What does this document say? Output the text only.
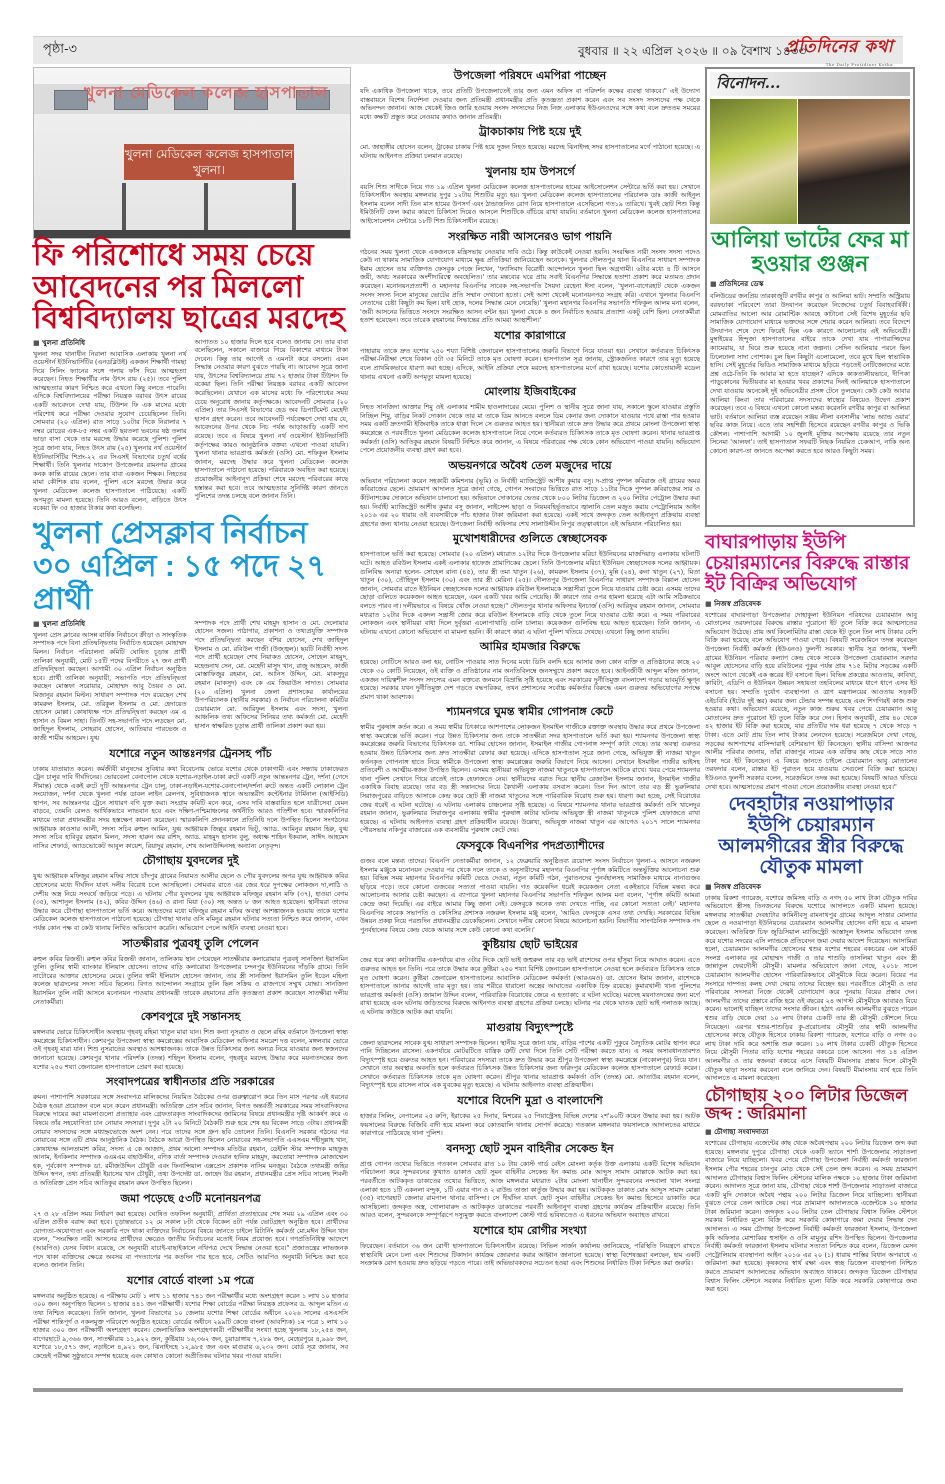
পৃষ্ঠা-৩	বুধবার ॥ ২২ এপ্রিল ২০২৬ ॥ ০৯ বৈশাখ ১৪৩৩
প্রতিদিনের কথা
The Daily Protidiner Kotha
খুলনা মেডিকেল কলেজ হাসপাতাল
খুলনা মেডিকেল কলেজ হাসপাতাল
খুলনা।
ফি পরিশোধে সময় চেয়ে আবেদনের পর মিললো বিশ্ববিদ্যালয় ছাত্রের মরদেহ
■ খুলনা প্রতিনিধি
খুলনা সদর থানাধীন নিরালা আবাসিক এলাকায় খুলনা নর্থ ওয়েস্টার্ন ইউনিভার্সিটির (এনডব্লিউই) একজন শিক্ষার্থী গামছা দিয়ে সিলিং ফ্যানের সঙ্গে গলায় ফাঁস দিয়ে আত্মহত্যা করেছেন। নিহত শিক্ষার্থীর নাম উৎস রায় (২৫)। তবে পুলিশ আত্মহত্যার কারণ নিশ্চিত করে এখনো কিছু বলতে পারেনি। এদিকে বিশ্ববিদ্যালয়ের পরীক্ষা নিয়ন্ত্রক বরাবর উৎস রায়ের একটি আবেদনে দেখা যায়, টিউশন ফি এক মাসের মধ্যে পরিশোধ করে পরীক্ষা দেওয়ার সুযোগ চেয়েছিলেন তিনি। সোমবার (২০ এপ্রিল) রাত সাড়ে ১০টার দিকে নিরালার ৭ নম্বর রোডের এক-৮৫ নম্বর একটি ছয়তলা ভবনের ষষ্ঠ তলার ভাড়া বাসা থেকে তার মরদেহ উদ্ধার করেছে পুলিশ। পুলিশ সূত্রে জানা যায়, নিহত উৎস রায় (২৫) খুলনার নর্থ ওয়েস্টার্ন ইউনিভার্সিটির শিপ্রং-২২ এর সিএসই বিভাগের চতুর্থ বর্ষের শিক্ষার্থী। তিনি খুলনার দাকোপ উপজেলার রামনগর গ্রামের কনক কান্তি রায়ের ছেলে। তার বাবা একজন শিক্ষক। নিহতের মামা কৌশিক রায় বলেন, পুলিশ এসে মরদেহ উদ্ধার করে খুলনা মেডিকেল কলেজ হাসপাতালে পাঠিয়েছে। একটি অপমৃত্যু মামলা হয়েছে। তিনি আরও বলেন, বাড়িতে উৎস বকেয়া ফি ৩৫ হাজার টাকার কথা বলেছিল।
আপাতত ১০ হাজার দিলে হবে বলেও জানায় সে। তার বাবা বলেছিলেন, সকালে বাজারে গিয়ে বিকাশের মাধ্যমে টাকা দেবেন। কিন্তু তার আগেই ও এমনটা করে বসলো। এমন সিদ্ধান্ত নেওয়ার কারণ বুঝতে পারছি না। আবেদন সূত্রে জানা যায়, উৎসের বিশ্ববিদ্যালয়ে প্রায় ৭২ হাজার টাকা টিউশন ফি বকেয়া ছিল। তিনি পরীক্ষা নিয়ন্ত্রক বরাবর একটি আবেদন করেছিলেন। যেখানে এক মাসের মধ্যে ফি পরিশোধের সময় চেয়ে অনুরোধ জানায় কর্তৃপক্ষকে। আবেদনটি সোমবার (২০ এপ্রিল) তার সিএসই বিভাগের হেড অব ডিপার্টমেন্ট মেহেদী হাসান গ্রহণ করেন। তবে আবেদনটি পর্যবেক্ষণে দেখা যায় যে, আবেদনের উপর থেকে নিচ পর্যন্ত আড়াআড়ি একটি দাগ রয়েছে। তবে এ বিষয়ে খুলনা নর্থ ওয়েস্টার্ন ইউনিভার্সিটি কর্তৃপক্ষের কারও আনুষ্ঠানিক বক্তব্য এখনো পাওয়া যায়নি। খুলনা থানার ভারপ্রাপ্ত কর্মকর্তা (ওসি) মো. শফিকুল ইসলাম জানান, মরদেহ উদ্ধার করে খুলনা মেডিকেল কলেজ হাসপাতালে পাঠানো হয়েছে। পরিবারকে অবহিত করা হয়েছে। প্রয়োজনীয় আইনানুগ প্রক্রিয়া শেষে মরদেহ পরিবারের কাছে হস্তান্তর করা হবে। তবে আত্মহত্যার সুনির্দিষ্ট কারণ জানতে পুলিশের তদন্ত চলছে বলে জানান তিনি।
খুলনা প্রেসক্লাব নির্বাচন ৩০ এপ্রিল : ১৫ পদে ২৭ প্রার্থী
■ খুলনা প্রতিনিধি
খুলনা প্রেস ক্লাবের আসন্ন বার্ষিক নির্বাচনে ক্রীড়া ও সাংস্কৃতিক সম্পাদক পদে বিনা প্রতিদ্বন্দ্বিতায় নির্বাচিত হয়েছেন মোহাম্মদ মিলন। নির্বাচন পরিচালনা কমিটি ঘোষিত চূড়ান্ত প্রার্থী তালিকা অনুযায়ী, মোট ১৫টি পদের বিপরীতে ২৭ জন প্রার্থী প্রতিদ্বন্দ্বিতা করছেন। আগামী ৩০ এপ্রিল নির্বাচন অনুষ্ঠিত হবে। প্রার্থী তালিকা অনুযায়ী, সভাপতি পদে প্রতিদ্বন্দ্বিতা করছেন মোস্তফা সরোয়ার, মোহাম্মদ আবু তৈয়ব ও মো. মিজানুর রহমান মিল্টন। সাধারণ সম্পাদক পদে রয়েছেন শেখ কামরুল ইসলাম, মো. তরিকুল ইসলাম ও মো. হেদায়েত হোসেন মোল্লা। কোষাধ্যক্ষ পদে প্রতিদ্বন্দ্বিতা করছেন এম এ হাসান ও বিমল সাহা। তিনটি সহ-সভাপতি পদে লড়ছেন মো. জাহিদুল ইসলাম, সোহরাব হোসেন, আতিয়ার পারভেজ ও কাজী শামীম আহমেদ। যুগ্ম
সম্পাদক পদে প্রার্থী শেখ মাহমুদ হাসান ও মো. দেলোয়ার হোসেন সজল। পাঠাগার, প্রকাশনা ও তথ্যপ্রযুক্তি সম্পাদক পদে প্রতিদ্বন্দ্বিতা করছেন বশির হোসেন, শেখ জাহিদুল ইসলাম ও মো. রবিউল গাজী (উজ্জ্বল)। ছয়টি নির্বাহী সদস্য পদে প্রার্থী হয়েছেন শেখ নিয়াকত হোসেন, সোহেল মাহমুদ, মহেন্দ্রনাথ সেন, মো. মেহেদী মাসুদ খান, রাজু আহমেদ, কাজী মোস্তাফিজুর রহমান, মো. আনিস উদ্দিন, মো. মাকসুদুর রহমান (মাকসুদ) এবং কে এম জিয়াউস সাদাত। সোমবার (২০ এপ্রিল) খুলনা জেলা প্রশাসকের কার্যালয়ের উপপরিচালক (স্থানীয় সরকার) ও নির্বাচন পরিচালনা কমিটির চেয়ারম্যান মো. আরিফুল ইসলাম এবং সদস্য, খুলনা আঞ্চলিক তথ্য অফিসের সিনিয়র তথ্য কর্মকর্তা মো. মেহেদী হাসান স্বাক্ষরিত চূড়ান্ত প্রার্থী তালিকা প্রকাশ করা হয়।
যশোরে নতুন আন্তঃনগর ট্রেনসহ পাঁচ
ঢাকায় যাতায়াত করেন। কর্মজীবী মানুষদের সুবিধার কথা বিবেচনায় ভোরে যশোর থেকে ঢাকাগামী এবং সন্ধ্যায় ঢাকাফেরত ট্রেন চালুর দাবি দীর্ঘদিনের। ভোরবেলা বেনাপোল থেকে যশোর-নড়াইল-ঢাকা রুটে একটি নতুন আন্তঃনগর ট্রেন, দর্শনা (গেদে সীমান্ত) থেকে একই রুটে দুটি আন্তঃনগর ট্রেন চালু, ঢাকা-নড়াইল-যশোর-বেনাপোল/দর্শনা রুটে অন্তত একটি লোকাল ট্রেন সংযোজন, দর্শনা থেকে খুলনা পর্যন্ত ডাবল লাইন রেলপথ, সুবিধাজনক স্থানে অভ্যন্তরীণ কন্টেইনার টার্মিনাল (আইসিডি) স্থাপন, সব আন্তঃনগর ট্রেনে সাধারণ বগি যুক্ত করা। সংগ্রাম কমিটি মনে করে, এসব দাবি বাস্তবায়িত হলে যাত্রীসেবা যেমন বাড়বে, তেমনি রেলও আর্থিকভাবে লাভবান হবে এবং দক্ষিণ-পশ্চিমাঞ্চলের অর্থনীতি আরও গতিশীল হবে। স্মারকলিপির মাধ্যমে তারা প্রধানমন্ত্রীর সদয় হস্তক্ষেপ কামনা করেছেন। স্মারকলিপি প্রদানকালে প্রতিনিধি দলে উপস্থিত ছিলেন সংগঠনের আহ্বায়ক কাওসার আলী, সদস্য সচিব রুহুল আমিন, যুগ্ম আহ্বায়ক জিল্লুর রহমান ভিটু, অ্যাড. আমিনুর রহমান হিরু, যুগ্ম সদস্য সচিব হাবিবুর রহমান মিলন, সদস্য হারুন অর রশিদ, অ্যাড. মাহমুদ হাসান বুলু, অধ্যক্ষ শাহিন ইকবাল, সাঈদ আহমেদ নাসির শেফার্ড, অ্যাডভোকেট আবুল কায়েশ, রিয়াদুর রহমান, শেখ আলাউদ্দিনসহ অন্যান্য নেতৃবৃন্দ।
চৌগাছায় যুবদলের দুই
যুগ্ম আহ্বায়ক মফিজুর রহমান মফির সাথে চাঁদপুর গ্রামের নিয়ামত আলীর ছেলে ও পৌর যুবদলের অপর যুগ্ম আহ্বায়ক কবির হোসেনের মধ্যে দীর্ঘদিন যাবৎ দলীয় বিরোধ চলে আসছিলো। সোমবার রাতে এর জের ধরে দুপক্ষের লোকজন দা,লাঠি ও দেশীয় অস্ত্র নিয়ে সংঘর্ষে জড়িয়ে পড়ে। এ ঘটনায় পৌর যুবদলের যুগ্ম আহ্বায়ক মফিজুর রহমান মফি (৩৭), হাওয়া বেগম (৩৫), আশানুল ইসলাম (৪২), কবির উদ্দিন (৪৬) ও রানা মিয়া (৩০) সহ অন্তত ৮ জন আহত হয়েছেন। স্থানীয়রা তাদের উদ্ধার করে চৌগাছা হাসপাতালে ভর্তি করে। আহতদের মধ্যে মফিজুর রহমান মফির অবস্থা আশঙ্কাজনক হওয়ায় তাকে যশোর মেডিকেল কলেজ হাসপাতালে পাঠানো হয়েছে। চৌগাছা থানার ওসি মমিনুর রহমান ঘটনার সত্যতা নিশ্চিত করে জানান, এখন পর্যন্ত কোন পক্ষ বা কেউ থানায় লিখিত অভিযোগ করেনি। অভিযোগ পেলে আইনি ব্যবস্থা নেওয়া হবে।
সাতক্ষীরার পুত্রবধূ তুলি পেলেন
রুহুল কবির রিজভী। রুহুল কবির রিজভী জানান, তালিকায় স্থান পেয়েছেন সাতক্ষীরার কলারোয়ার পুত্রবধূ সানজিদা ইয়াসমিন তুলি। তুলির স্বামী ব্যাংকার ইলিয়াস হোসেন। তাদের বাড়ি কলারোয়া উপজেলার চন্দনপুর ইউনিয়নের দাঁড়কি গ্রামে। তিনি নাটোরের আক্তার হোসেনের মেয়ে। তুলির স্বামী ইলিয়াস হোসেন জানান, তার স্ত্রী সানজিদা ইয়াসমিন তুলি ইডেন মহিলা কলেজ ছাত্রদলের সদস্য সচিব ছিলেন। বিগত আন্দোলন সংগ্রামে তুলি ছিল সক্রিয় ও রাজপথে সম্মুখ যোদ্ধা। সানজিদা ইয়াসমিন তুলি নারী আসনে মনোনয়ন পাওয়ায় প্রধানমন্ত্রী তারেক রহমানের প্রতি কৃতজ্ঞতা প্রকাশ করেছেন সাতক্ষীরা দলীয় নেতাকর্মীরা।
কেশবপুরে দুই সন্তানসহ
মঙ্গলবার ভোরে চিকিৎসাধীন অবস্থায় গৃহবধূ রহিমা খাতুন মারা যান। শিশু কন্যা নুসরাত ও ছেলে রহিম বর্তমানে উপজেলা স্বাস্থ্য কমপ্লেক্সে চিকিৎসাধীন। কেশবপুর উপজেলা স্বাস্থ্য কমপ্লেক্সের আবাসিক মেডিকেল অফিসার সমরেশ দত্ত বলেন, মঙ্গলবার ভোরে ওই গৃহবধূ মারা যান। শিশু নুসরাতের অবস্থাও আশঙ্কাজনক। তাকে উন্নত চিকিৎসার জন্য অন্যত্র নিয়ে যাওয়ার জন্য স্বজনদের জানানো হয়েছে। কেশবপুর থানার পরিদর্শক (তদন্ত) শহিদুল ইসলাম বলেন, গৃহবধূর মরদেহ উদ্ধার করে ময়নাতদন্তের জন্য যশোর ২৫০ শয্যা জেনারেল হাসপাতালে প্রেরণ করা হয়েছে।
সংবাদপত্রের স্বাধীনতার প্রতি সরকারের
রুমন। পাশাপাশি সরকারের সঙ্গে সংবাদপত্র মালিকদের নিয়মিত বৈঠকের ওপর গুরুত্বারোপ করে তিন মাস পরপর এই ধরনের বৈঠক হওয়া প্রয়োজন বলে মনে করেন প্রধানমন্ত্রী। অতিরিক্ত প্রেস সচিব জানান, বিগত অন্তর্বর্তী সরকারের সময় সাংবাদিকদের বিরুদ্ধে দায়ের করা মামলাগুলো প্রত্যাহার এবং গ্রেফতারকৃত সাংবাদিকদের জামিনের বিষয়ে প্রধানমন্ত্রীর দৃষ্টি আকর্ষণ করে এ বিষয়ে তাঁর সহযোগিতা চান নোয়াব সদস্যরা। দুপুর ২টা ২০ মিনিটে বৈঠকটি শুরু হয়ে শেষ হয় বিকেল সাড়ে ৩টায়। প্রধানমন্ত্রী নোয়াব সদস্যদের সঙ্গে মধ্যাহ্নভোজে অংশ নেন। পরে তাদের সঙ্গে গ্রুপ ছবি তোলেন তিনি। বিএনপি সরকার গঠনের পর নোয়াবের সঙ্গে এটি প্রথম আনুষ্ঠানিক বৈঠক। বৈঠকে আরো উপস্থিত ছিলেন নোয়াবের সহ-সভাপতি এএসএম শহীদুল্লাহ খান, কোষাধ্যক্ষ আলতামাশ কবির, সদস্য এ কে আজাদ, প্রথম আলো সম্পাদক মতিউর রহমান, ডেইলি স্টার সম্পাদক মাহফুজ আনাম, ইনকিলাব সম্পাদক এএমএম বাহাউদ্দীন, বণিক বার্তা সম্পাদক দেওয়ান হানিফ মাহমুদ, করতোয়া সম্পাদক মোজাম্মেল হক, পূর্বকোণ সম্পাদক ডা. রমীজউদ্দিন চৌধুরী এবং ফিনান্সিয়াল এক্সপ্রেস প্রকাশক নাসিম মনজুর। বৈঠকে তথ্যমন্ত্রী জহির উদ্দিন স্বপন, তথ্য প্রতিমন্ত্রী ইয়াসের খান চৌধুরী, তথ্য উপদেষ্টা ডা. জাহেদ উর রহমান, প্রধানমন্ত্রীর প্রেস সচিব সালেহ শিবলী ও অতিরিক্ত প্রেস সচিব আতিকুর রহমান রুমন উপস্থিত ছিলেন।
জমা পড়েছে ৫৩টি মনোনয়নপত্র
২৭ ও ২৮ এপ্রিল সময় নির্ধারণ করা হয়েছে। ঘোষিত তফসিল অনুযায়ী, প্রার্থিতা প্রত্যাহারের শেষ সময় ২৯ এপ্রিল এবং ৩০ এপ্রিল প্রতীক বরাদ্দ করা হবে। চূড়ান্তভাবে ১২ মে সকাল ৮টা থেকে বিকেল ৪টা পর্যন্ত ভোটগ্রহণ অনুষ্ঠিত হবে। প্রার্থীদের যোগ্যতা-অযোগ্যতা এবং সরকারি পদে থাকা ব্যক্তিদের নির্বাচনের বিষয়ে জানতে চাইলে রিটার্নিং কর্মকর্তা মো.মঈন উদ্দিন খান বলেন, "সংরক্ষিত নারী আসনের প্রার্থীদের ক্ষেত্রেও জাতীয় নির্বাচনের মতোই নিয়ম প্রযোজ্য হবে। গণপ্রতিনিধিত্ব আদেশে (আরপিও) যেসব বিধান রয়েছে, সে অনুযায়ী যাচাই-বাছাইকালে নথিপত্র দেখে সিদ্ধান্ত নেওয়া হবে।" প্রজাতন্ত্রের লাভজনক পদে থাকা ব্যক্তিদের ক্ষেত্রে অবসর বা পদত্যাগের পর কতদিন পার হতে হবে, সেটিও আরপিও অনুযায়ী নিশ্চিত করা হবে বলেও জানান তিনি।
যশোর বোর্ডে বাংলা ১ম পত্রে
মঙ্গলবার অনুষ্ঠিত হয়েছে। এ পরীক্ষায় মোট ১ লাখ ১১ হাজার ৭৪১ জন পরীক্ষার্থীর মধ্যে অংশগ্রহণ করেন ১ লাখ ১০ হাজার ৩০০ জন। অনুপস্থিত ছিলেন ১ হাজার ৪৪১ জন পরীক্ষার্থী। যশোর শিক্ষা বোর্ডের পরীক্ষা নিয়ন্ত্রক প্রফেসর ড. আব্দুল মতিন এ তথ্য নিশ্চিত করেছেন। তিনি জানান, খুলনা বিভাগের ১০ জেলায় যশোর শিক্ষা বোর্ডের অধীনে ২০২৬ সালের এসএসসি পরীক্ষা শান্তিপূর্ণ ও নকলমুক্ত পরিবেশে অনুষ্ঠিত হয়েছে। বোর্ডের অধীনে ২৯৯টি কেন্দ্রে বাংলা (আবশ্যিক) ১ম পত্রে ১ লাখ ১০ হাজার ৩০০ জন পরীক্ষার্থী অংশগ্রহণ করেন। জেলাভিত্তিক অংশগ্রহণকারী পরীক্ষার্থীর সংখ্যা হচ্ছে খুলনায় ১৮,২৫৪ জন, বাগেরহাটে ৯,৩৬৬ জন, সাতক্ষীরায় ১১,৯২২ জন, কুষ্টিয়ায় ১৬,৩৬২ জন, চুয়াডাঙ্গায় ৭,২৮৯ জন, মেহেরপুরে ৪,৯৯৮ জন, যশোরে ১৮,৫৭১ জন, নড়াইলে ৪,৯২১ জন, ঝিনাইদহে ১২,৯৮৫ জন এবং মাগুরায় ৬,২৩২ জন। বোর্ড সূত্র জানায়, সব কেন্দ্রেই পরীক্ষা সুষ্ঠুভাবে সম্পন্ন হয়েছে এবং কোথাও কোনো অপ্রীতিকর ঘটনার খবর পাওয়া যায়নি।
উপজেলা পরিষদে এমপিরা পাচ্ছেন
যদি একাধিক উপজেলা থাকে, তবে প্রতিটি উপজেলাতেই তার জন্য এমন অফিস বা পরিদর্শন কক্ষের ব্যবস্থা থাকবে।" এই উদ্যোগ বাস্তবায়নে বিশেষ নির্দেশনা দেওয়ার জন্য প্রতিমন্ত্রী প্রধানমন্ত্রীর প্রতি কৃতজ্ঞতা প্রকাশ করেন এবং সব সংসদ সদস্যদের পক্ষ থেকে অভিনন্দন জানান। আজ থেকেই জিও জারি হওয়ায় সংসদ সদস্যদের নিজ নিজ এলাকার ইউএনওদের সঙ্গে কথা বলে দ্রুততম সময়ের মধ্যে কক্ষটি প্রস্তুত করে নেওয়ার কথাও জানান প্রতিমন্ত্রী।
ট্রাকচাকায় পিষ্ট হয়ে দুই
মো. জাহাঙ্গীর হোসেন বলেন, ট্রাকের চাকায় পিষ্ট হয়ে দুজন নিহত হয়েছে। মরদেহ ঝিনাইদহ সদর হাসপাতালের মর্গে পাঠানো হয়েছে। এ ঘটনায় আইনগত প্রক্রিয়া চলমান রয়েছে।
খুলনায় হাম উপসর্গে
বয়সি শিশু সাদীকে নিয়ে গত ১৯ এপ্রিল খুলনা মেডিকেল কলেজ হাসপাতালের হামের আইসোলেশন সেন্টারে ভর্তি করা হয়। সেখানে চিকিৎসাধীন অবস্থায় মঙ্গলবার দুপুর ১২টায় শিশুটির মৃত্যু হয়। খুলনা মেডিকেল কলেজ হাসপাতালের পরিচালক ডাঃ কাজী আইনুল ইসলাম বলেন সাদী তিন মাস হামের উপসর্গ এবং ঠান্ডাজনিত রোগ নিয়ে হাসপাতালে এসেছিলো গত১৯ তারিখে। খুবই ছোট শিশু কিন্তু ইমিউনিটি ফেল করার কারণে চিকিৎসা দিয়েও আসলে শিশুটিকে বাঁচিয়ে রাখা যায়নি। বর্তমানে খুলনা মেডিকেল কলেজ হাসপাতালের আইসোলেশন সেন্টারে ১৮টি শিশু চিকিৎসাধীন রয়েছে।
সংরক্ষিত নারী আসনেরও ভাগ পায়নি
গঠনের সময় খুলনা থেকে একজনকে মন্ত্রিসভায় নেওয়ার দাবি ওঠে। কিন্তু কাউকেই নেওয়া হয়নি। সংরক্ষিত নারী সংসদ সদস্য পদেও কেউ না থাকায় সামাজিক যোগাযোগ মাধ্যমে ক্ষুব্ধ প্রতিক্রিয়া জানিয়েছেন অনেকে। খুলনার দৌলতপুর থানা বিএনপির সাধারণ সম্পাদক ইমাম হোসেন তার ব্যক্তিগত ফেসবুক পেজে লিখেন, 'ফ্যাসিবাদ বিরোধী আন্দোলনে খুলনা ছিল অগ্রগামী। ৬টার মধ্যে ৪ টি আসনে জয়ী, অথচ সরকারের অংশীদারিত্বে অবহেলিত।' তার মন্তব্যের ঘরে প্রায় সবাই বিএনপির সিদ্ধান্তে হতাশা প্রকাশ করে মতামত প্রদান করেছেন। মনোনয়নপ্রত্যাশী ও মহানগর বিএনপির সাবেক সহ-সভাপতি সৈয়দা রেহেনা ঈসা বলেন, 'খুলনা-বাগেরহাট থেকে একজন সংসদ সদস্য নিলে মানুষের ভোটের প্রতি সম্মান দেখানো হতো। সেই আশা থেকেই মনোনয়নপত্র সংগ্রহ করি। এখানে খুলনার বিএনপি নেতাদের চেষ্টা কিছুটা কম ছিল। যাই হোক, দলের সিদ্ধান্ত মেনে নেয়েছি।' খুলনা মহানগর বিএনপির সভাপতি শফিকুল আলম মনা বলেন, 'জয়ী আসনের ভিত্তিতে সংসদে সংরক্ষিত আসন বন্টন হয়। খুলনা থেকে ৪ জন নির্বাচিত হওয়ায় প্রত্যাশা একটু বেশি ছিল। নেতাকর্মীরা হতাশ হয়েছেন। তবে তারেক রহমানের সিদ্ধান্তের প্রতি আমরা আস্থাশীল।'
যশোর কারাগারে
পাহারায় তাকে দ্রুত যশোর ২৫০ শয্যা বিশিষ্ট জেনারেল হাসপাতালের জরুরি বিভাগে নিয়ে যাওয়া হয়। সেখানে কর্তব্যরত চিকিৎসক পরীক্ষা-নিরীক্ষা শেষে বিকাল ৫টা ৩৫ মিনিটে তাকে মৃত ঘোষণা করেন। হাসপাতাল সূত্র জানায়, স্ট্রোকজনিত কারণে তার মৃত্যু হয়েছে বলে প্রাথমিকভাবে ধারণা করা হচ্ছে। এদিকে, আইনি প্রক্রিয়া শেষে মরদেহ হাসপাতালের মর্গে রাখা হয়েছে। যশোর কোতোয়ালী মডেল থানায় এখনো একটি অপমৃত্যু মামলা হয়েছে।
মোংলায় ইজিবাইকের
নিহত সানজিদা আক্তার শিমু ওই এলাকার শামীম হাওলাদারের মেয়ে। পুলিশ ও স্থানীয় সূত্রে জানা যায়, সকালে স্কুলে যাওয়ার প্রস্তুতি নিচ্ছিল শিমু, বাড়ির নিকট দোকান থেকে তার মা তাকে ডিম আনতে বললে ডিম কেনার জন্য দোকানে যাওয়ার পথে রাস্তা পার হওয়ার সময় একটি দ্রুতগামী ইজিবাইক তাকে ধাক্কা দিলে সে গুরুতর আহত হয়। স্থানীয়রা তাকে দ্রুত উদ্ধার করে প্রথমে মোংলা উপজেলা স্বাস্থ্য কমপ্লেক্সে ও পরবর্তীতে খুলনা মেডিকেল কলেজ হাসপাতালে নিয়ে গেলে কর্তব্যরত চিকিৎসক তাকে মৃত ঘোষণা করেন। থানার ভারপ্রাপ্ত কর্মকর্তা (ওসি) আতিকুর রহমান বিষয়টি নিশ্চিত করে জানান, এ বিষয়ে পরিবারের পক্ষ থেকে কোন অভিযোগ পাওয়া যায়নি। অভিযোগ পেলে প্রয়োজনীয় ব্যবস্থা গ্রহণ করা হবে।
অভয়নগরে অবৈধ তেল মজুদের দায়ে
অভিযান পরিচালনা করেন সহকারী কমিশনার (ভূমি) ও নির্বাহী ম্যাজিস্ট্রেট আশীষ কুমার বসু। দ-প্রাপ্ত পুষ্পল কবিরাজ ওই গ্রামের অমর কবিরাজের ছেলে। ভ্রাম্যমাণ আদালত সূত্রে জানা গেছে, গোপন সংবাদের ভিত্তিতে রাত সাড়ে ১১টার দিকে পুষ্পল কবিরাজের সার ও কীটনাশকের দোকানে অভিযান চালানো হয়। অভিযানে দোকানের ভেতর থেকে ৮০০ লিটার ডিজেল ও ২০০ লিটার পেট্রোল উদ্ধার করা হয়। নির্বাহী ম্যাজিস্ট্রেট আশীষ কুমার বসু জানান, লাইসেন্স ছাড়া ও নিয়মবহির্ভূতভাবে জ্বালানি তেল মজুত করায় পেট্রোলিয়াম আইন ২০১৬ এর ২০ ধারায় ওই ব্যবসায়ীকে পাঁচ হাজার টাকা জরিমানা করা হয়েছে। একই সাথে জব্দকৃত তেল আইনানুগ প্রক্রিয়ায় ব্যবস্থা গ্রহণের জন্য থানায় নেওয়া হয়েছে। উপজেলা নির্বাহী অফিসার শেখ সালাউদ্দীন নিপুর তত্ত্বাবধানে এই অভিযান পরিচালিত হয়।
মুখোশধারীদের গুলিতে স্বেচ্ছাসেবক
হাসপাতালে ভর্তি করা হয়েছে। সোমবার (২০ এপ্রিল) মধ্যরাত ১২টার দিকে উপজেলার মরিচা ইউনিয়নের মাজদিয়াড় এলাকায় ঘটনাটি ঘটে। আহত রবিউল ইসলাম একই এলাকার হাফেজ প্রামাণিকের ছেলে। তিনি উপজেলার মরিচা ইউনিয়ন স্বেচ্ছাসেবক দলের আহ্বায়ক। গুলিবিদ্ধ অন্যরা হলেন- সোহেল রানা (৪৫), তার স্ত্রী তমা খাতুন (২৬), কামরুল ইসলাম (৩৭), মুন্নি (২৪), রুনা খাতুন (২৭), মিতা খাতুন (৩০), তৌহিদুল ইসলাম (৩০) এবং তার স্ত্রী মেরিনা (২৫)। দৌলতপুর উপজেলা বিএনপির সাধারণ সম্পাদক বিল্লাল হোসেন জানান, সোমবার রাতে ইউনিয়ন স্বেচ্ছাসেবক দলের আহ্বায়ক রবিউল ইসলামকে সন্ত্রাসীরা তুলে নিয়ে যাওয়ার চেষ্টা করে। এসময় তাদের ছোড়া গুলিতে কয়েকজন আহত হয়েছেন, এমন একটি খবর আমি পেয়েছি। কী কারণে তার ওপর হামলা হয়েছে এটা আমি সঠিকভাবে বলতে পারব না। দলীয়ভাবে এ বিষয়ে খোঁজ নেওয়া হচ্ছে।" দৌলতপুর থানার অফিসার ইনচার্জ (ওসি) আরিফুর রহমান জানান, সোমবার মধ্যরাত ১২টার দিকে একদল সন্ত্রাসী জোর করে রবিউল ইসলামকে বাড়ি থেকে তুলে নিয়ে যাওয়ার চেষ্টা করে। এ সময় পরিবারের লোকজন এবং স্থানীয়রা বাধা দিলে দুর্বৃত্তরা এলোপাথাড়ি গুলি চালায়। কয়েকজন গুলিবিদ্ধ হয়ে আহত হয়েছেন। তিনি জানান, এ ঘটনায় এখনো কোনো অভিযোগ বা মামলা হয়নি। কী কারণে কারা এ ঘটনা পুলিশ খতিয়ে দেখছে। এখনো কিছু জানা যায়নি।
আমির হামজার বিরুদ্ধে
হয়েছে। নোটিসে আরও বলা হয়, নোটিস পাওয়ার সাত দিনের মধ্যে ডিসি বলদি হয়ে আসার জন্য কোন ব্যক্তি ও প্রতিষ্ঠানের কাছে ২০ থেকে ৩০ কোটি নিয়েছেন, ওই ব্যক্তি ও প্রতিষ্ঠানের নাম অনতিবিলম্বে জনসম্মুখে প্রকাশ করতে হবে। আইনজীবী আব্দুল মজিদ জানান, একজন দায়িত্বশীল সংসদ সদস্যের এমন বক্তব্যে জনমনে বিভ্রান্তি সৃষ্টি হয়েছে এবং সরকারের দুর্নীতিমুক্ত বাংলাদেশ গড়ার ভাবমূর্তি ক্ষুণ্ন হয়েছে। সরকার যখন দুর্নীতিমুক্ত দেশ গড়তে বদ্ধপরিকর, তখন প্রশাসনের সর্বোচ্চ কর্মকর্তার বিরুদ্ধে এমন গুরুতর অভিযোগের সপক্ষে প্রমাণ থাকা আবশ্যক।
শ্যামনগরে ঘুমন্ত স্বামীর গোপনাঙ্গ কেটে
স্বামীর পুরুষাঙ্গ কর্তন করে। এ সময় স্বামীর চিৎকারে আশপাশের লোকজন ইসমাইল গাজীকে রক্তাক্ত অবস্থায় উদ্ধার করে প্রথমে উপজেলা স্বাস্থ্য কমপ্লেক্সে ভর্তি করেন। পরে উন্নত চিকিৎসার জন্য তাকে সাতক্ষীরা সদর হাসপাতালে ভর্তি করা হয়। শ্যামনগর উপজেলা স্বাস্থ্য কমপ্লেক্সের জরুরি বিভাগের চিকিৎসক ডা. শাকির হোসেন জানান, ইসমাইল গাজীর গোপনাঙ্গ সম্পূর্ণ কাটা গেছে। তার অবস্থা গুরুতর হওয়ায় উন্নত চিকিৎসার জন্য দ্রুত সাতক্ষীরা রেফার করা হয়েছে। এদিকে হাসপাতাল সূত্রে জানা গেছে, অভিযুক্ত স্ত্রী নাজমা খাতুন কর্তনকৃত গোপনাঙ্গ হাতে নিয়ে স্বামীকে উপজেলা স্বাস্থ্য কমপ্লেক্সের জরুরি বিভাগে নিয়ে আসেন। সেখানে ইসমাইল গাজীর ভাইসহ প্রতিবেশী ও আত্মীয়-স্বজন উপস্থিত ছিলেন। এসময় স্থানীয়রা অভিযুক্ত নাজমা খাতুনকে হাসপাতালে আটকে রাখে। খবর পেয়ে শ্যামনগর থানা পুলিশ সেখানে গিয়ে রাতেই তাকে হেফাজতে নেয়। স্থানীয়দের বরাত দিয়ে স্থানীয় রেজাউল ইসলাম জানান, ইসমাইল গাজীর একাধিক বিবাহ রয়েছে। তার বড় স্ত্রী সন্তানদের নিয়ে কৈখালী এলাকায় বসবাস করেন। তিন দিন আগে তার বড় স্ত্রী ভুরুলিয়ার সিরাজপুরের বাড়িতে আসাকে কেন্দ্র করে ছোট স্ত্রী নাজমা খাতুনের সঙ্গে পারিবারিক বিরোধ শুরু হয়। ধারণা করা হচ্ছে, সেই বিরোধের জের ধরেই এ ঘটনা ঘটেছে। এ ঘটনায় এলাকায় চাঞ্চল্যের সৃষ্টি হয়েছে। এ বিষয়ে শ্যামনগর থানার ভারপ্রাপ্ত কর্মকর্তা ওসি খালেদুর রহমান জানান, ভুরুলিয়ার সিরাজপুর এলাকায় স্বামীর পুরুষাঙ্গ কাটার ঘটনায় অভিযুক্ত স্ত্রী নাজমা খাতুনকে পুলিশ হেফাজতে রাখা হয়েছে। এ ঘটনায় আইনগত ব্যবস্থা গ্রহণ প্রক্রিয়াধীন রয়েছে। উল্লেখ্য, অভিযুক্ত নাজমা খাতুন এর আগেও ২০১৭ সালে শ্যামনগর পৌরসভার নকিপুর বাজারের এক ব্যবসায়ীর পুরুষাঙ্গ কেটে দেয়।
ফেসবুকে বিএনপির পদপ্রত্যাশীদের
গুজব বলে মন্তব্য তাদের। বিএনপি নেতাকর্মীরা জানান, ১২ ফেব্রুয়ারি অনুষ্ঠিতব্য ত্রয়োদশ সংসদ নির্বাচনে খুলনা-২ আসনে নজরুল ইসলাম মঞ্জুকে মনোনয়ন দেওয়ার পর থেকে দলে তাকে ও অনুসারীদের মহানগর বিএনপির পূর্ণাঙ্গ কমিটিতে অন্তর্ভুক্তির আলোচনা শুরু হয়। বিভিন্ন সময় মহানগর বিএনপির কমিটি ভেঙে দেওয়া, নতুন কমিটি গঠন, পুরাতনদের পুনর্বহালসহ সামাজিক মাধ্যমে নানাগুজব ছড়িয়ে পড়ে। তবে কোনো গুজবের সত্যতা পাওয়া যায়নি। গত কয়েকদিন ধরেই কয়েকজন নেতা একইভাবে বিভিন্ন মন্তব্য করে আলোচনায় আসার চেষ্টা করছেন। এ ব্যাপারে খুলনা মহানগর বিএনপির সভাপতি শফিকুল আলম মনা বলেন, 'পূর্ণাঙ্গ কমিটি আমরা কেন্দ্রে জমা দিয়েছি। এর বাইরে আমার কিছু জানা নেই। ফেসবুকে অনেক তথ্য দেখতে পাচ্ছি, এর কোনো সত্যতা নেই।' মহানগর বিএনপির সাবেক সভাপতি ও কেসিসির প্রশাসক নজরুল ইসলাম মঞ্জু বলেন, 'আমিও ফেসবুকে এসব তথ্য দেখছি। সরকারের বিভিন্ন উন্নয়ন প্রকল্প নিয়ে পরশুদিন প্রধানমন্ত্রীর ডেকেছিলেন। সেখানে দলীয় কোনো বিষয়ে আলোচনা হয়নি। বিভাগীয় সাংগঠনিক সম্পাদক পদ পুনর্বহালের বিষয়ে কেন্দ্র থেকে আমার সঙ্গে কেউ কোনো কথা বলেনি।'
কুষ্টিয়ায় ছোট ভাইয়ের
জের ধরে কথা কাটাকাটির একপর্যায়ে রাত ৩টার দিকে ছোট ভাই জহুরুল তার বড় ভাই রাশেদের ওপর হাঁসুয়া নিয়ে আঘাত করেন। এতে গুরুতর আহত হন তিনি। পরে তাকে উদ্ধার করে কুষ্টিয়া ২৫০ শয্যা বিশিষ্ট জেনারেল হাসপাতালে নেওয়া হলে কর্তব্যরত চিকিৎসক তাকে মৃত ঘোষণা করেন। কুষ্টিয়া জেনারেল হাসপাতালের আবাসিক মেডিকেল কর্মকর্তা (আরএমও) ডা. হোসেন ইমাম জানান, রাশেদকে হাসপাতালে আনার আগেই তার মৃত্যু হয়। তার শরীরে ধারালো অস্ত্রের আঘাতের একাধিক চিহ্ন রয়েছে। কুমারখালী থানা পুলিশের ভারপ্রাপ্ত কর্মকর্তা (ওসি) জামাল উদ্দিন বলেন, পারিবারিক বিরোধের জেরে এ হত্যাকা-ের ঘটনা ঘটেছে। মরদেহ ময়নাতদন্তের জন্য মর্গে রাখা হয়েছে এবং ঘটনায় জড়িতদের বিরুদ্ধে আইনগত ব্যবস্থা গ্রহণের প্রক্রিয়া চলছে। ঘটনার পর থেকে ঘাতক ছোট ভাই পলাতক আছে। এ ঘটনায় কাউকে আটক করা যায়নি।
মাগুরায় বিদ্যুৎস্পৃষ্টে
জেলা ছাত্রদলের সাবেক যুগ্ম সাধারণ সম্পাদক ছিলেন। স্থানীয় সূত্রে জানা যায়, বাড়ির পাশের একটি পুকুরে বৈদ্যুতিক মোটর স্থাপন করে পানি দিচ্ছিলেন রাসেল। একপর্যায়ে মোটরটিতে যান্ত্রিক ত্রুটি দেখা দিলে তিনি সেটি পরীক্ষা করতে যান। এ সময় অসাবধানতাবশত বিদ্যুৎস্পৃষ্ট হয়ে গুরুতর আহত হন। পরিবারের সদস্যরা তাকে দ্রুত উদ্ধার করে শ্রীপুর উপজেলা স্বাস্থ্য কমপ্লেক্সে (নাকোলপুর) নিয়ে যান। সেখানে তার অবস্থার অবনতি হলে কর্তব্যরত চিকিৎসক উন্নত চিকিৎসার জন্য ফরিদপুর মেডিকেল কলেজ হাসপাতালে রেফার্ড করেন। সেখানে কর্তব্যরত চিকিৎসক তাকে মৃত ঘোষণা করেন। শ্রীপুর থানার ভারপ্রাপ্ত কর্মকর্তা ওসি (তদন্ত) মো. আতাউর রহমান বলেন, বিদ্যুৎস্পৃষ্ট হয়ে রাসেল নামে এক যুবকের মৃত্যু হয়েছে। এ ঘটনায় আইনগত ব্যবস্থা প্রক্রিয়াধীন।
যশোরে বিদেশি মুদ্রা ও বাংলাদেশি
হাজার সিলিং, নেপালের ২৫ রুপি, ইরাকের ২৫ দিনার, মিশরের ২৫ পিয়াস্ট্রেসহ বিভিন্ন দেশের ২শ'৯০টি কয়েন উদ্ধার করা হয়। আটক ফয়সালের বিরুদ্ধে বিজিবি বাদী হয়ে মামলা করে কোতয়ালি থানায় সোপর্দ করেছে। গতকাল মঙ্গলবার ফয়সালকে আদালতের মাধ্যমে কারাগারে পাঠিয়েছে থানা পুলিশ।
বনদস্যু ছোট সুমন বাহিনীর সেকেন্ড ইন
প্রাপ্ত গোপন তথ্যের ভিত্তিতে গতকাল সোমবার রাত ১০ টায় কোস্ট গার্ড বেইস মোংলা কর্তৃক উক্ত এলাকায় একটি বিশেষ অভিযান পরিচালনা করে সুন্দরবনের কুখ্যাত ডাকাত ছোট সুমন বাহিনীর সেকেন্ড ইন কমান্ড মোঃ আব্দুস সামাদ মোল্লাকে আটক করা হয়। পরবর্তীতে আটককৃত ডাকাতের তথ্যের ভিত্তিতে, আজ মঙ্গলবার মধ্যরাত ২টায় মোংলা থানাধীন সুন্দরবনের নন্দবালা খাল সংলগ্ন এলাকা হতে ১টি একনলা বন্দুক, ১টি এয়ার গান ও ২ রাউন্ড তাজা কার্তুজ উদ্ধার করা হয়। আটককৃত ডাকাত মোঃ আব্দুস সামাদ মোল্লা (৩৫) বাগেরহাট জেলার রামপাল থানার বাসিন্দা। সে দীর্ঘদিন যাবৎ ছোট সুমন বাহিনীর সেকেন্ড ইন কমান্ড হিসেবে ডাকাতি করে আসছিলো। জব্দকৃত অস্ত্র, গোলাবারুদ ও আটককৃত ডাকাতের পরবর্তী আইনানুগ ব্যবস্থা গ্রহণের কার্যক্রম প্রক্রিয়াধীন রয়েছে। তিনি আরও বলেন, সুন্দরবনকে সম্পূর্ণরূপে দস্যুমুক্ত করতে বাংলাদেশ কোস্ট গার্ড ভবিষ্যতেও এ ধরনের অভিযান অব্যাহত রাখবে।
যশোরে হাম রোগীর সংখ্যা
ফিরেছেন। বর্তমানে ৩৬ জন রোগী হাসপাতালে চিকিৎসাধীন রয়েছে। সিভিল সার্জন কার্যালয় জানিয়েছে, পরিস্থিতি নিয়ন্ত্রণে রাখতে স্বাস্থ্যবিধি মেনে চলা এবং শিশুদের টিকাদান কার্যক্রম জোরদার করার আহ্বান জানানো হয়েছে। স্বাস্থ্য বিশেষজ্ঞরা বলছেন, হাম একটি সংক্রামক রোগ হওয়ায় দ্রুত ছড়িয়ে পড়তে পারে। তাই অভিভাবকদের সচেতন হওয়া এবং শিশুদের নির্ধারিত টিকা নিশ্চিত করা জরুরি।
বিনোদন...
আলিয়া ভাটের ফের মা হওয়ার গুঞ্জন
■ প্রতিদিনের ডেস্ক
বলিউডের জনপ্রিয় তারকাজুটি রণবীর কাপুর ও আলিয়া ভাট। সম্প্রতি অস্ট্রিয়ায় বরফঢাকা পরিবেশে তারা উদযাপন করেছেন নিজেদের চতুর্থ বিবাহবার্ষিকী। মোমবাতির আলো আর রোমান্টিক আবহে কাটানো সেই বিশেষ মুহূর্তের ছবি সামাজিক যোগাযোগ মাধ্যমে ভক্তদের সঙ্গে শেয়ার করেন আলিয়া। তবে বিদেশে উদযাপন শেষে দেশে ফিরেই ভিন্ন এক কারণে আলোচনায় এই অভিনেত্রী। মুম্বাইয়ের হিন্দুজা হাসপাতালের বাইরে তাকে দেখা যায় পাপারাজ্জিদের ক্যামেরায়, যা ঘিরে শুরু হয়েছে নানা জল্পনা। সেদিন আলিয়ার পরনে ছিল ঢিলেঢালা সাদা পোশাক। চুল ছিল কিছুটা এলোমেলো, তবে মুখে ছিল স্বাভাবিক হাসি। সেই মুহূর্তের ভিডিও সামাজিক মাধ্যমে ছড়িয়ে পড়তেই নেটিজেনদের মধ্যে প্রশ্ন ওঠে-তিনি কি আবার মা হতে যাচ্ছেন? এদিকে কাকতালীয়ভাবে, দীপিকা পাড়ুকোনের দ্বিতীয়বার মা হওয়ার খবর প্রকাশের দিনই আলিয়াকে হাসপাতালে দেখা যাওয়ায় অনেকেই দুই অভিনেত্রীর প্রসঙ্গ টেনে তুলছেন। কেউ কেউ আবার আলিয়া কিংবা তার পরিবারের সদস্যদের স্বাস্থ্যের বিষয়েও উদ্বেগ প্রকাশ করেছেন। তবে এ বিষয়ে এখনো কোনো মন্তব্য করেননি রণবীর কাপুর বা আলিয়া ভাট। বর্তমানে আলিয়া ব্যস্ত রয়েছেন সঞ্জয় লীলা বনসালীর 'লাভ অ্যান্ড ওয়ার' ছবির কাজ নিয়ে। এতে তার সহশিল্পী হিসেবে রয়েছেন রণবীর কাপুর ও ভিকি কৌশল। পাশাপাশি আগামী ১০ জুলাই মুক্তির অপেক্ষায় রয়েছে তার নতুন সিনেমা 'আলফা'। তাই হাসপাতাল সফরটি নিছক নিয়মিত চেকআপ, নাকি অন্য কোনো কারণ-তা জানতে অপেক্ষা করতে হবে আরও কিছুটা সময়।
বাঘারপাড়ায় ইউপি চেয়ারম্যানের বিরুদ্ধে রাস্তার ইট বিক্রির অভিযোগ
■ নিজস্ব প্রতিবেদক
যশোরের বাঘারপাড়া উপজেলার দোহাকুলা ইউনিয়ন পরিষদের চেয়ারম্যান আবু মোতালেব তরফদারের বিরুদ্ধে রাস্তার পুরোনো ইট তুলে বিক্রি করে আত্মসাতের অভিযোগ উঠেছে। প্রায় অর্ধ কিলোমিটার রাস্তা থেকে ইট তুলে তিন লাখ টাকার বেশি বিক্রি করা হয়েছে বলে অভিযোগ পাওয়া গেছে। বিষয়টি সরেজমিনে তদন্ত করেছেন উপজেলা নির্বাহী কর্মকর্তা (ইউএনও) ফুলপী সরকার। স্থানীয় সূত্র জানায়, খলশী গ্রামের ইউনিয়ন পরিবার কল্যাণ কেন্দ্র থেকে সাবেক উপজেলা চেয়ারম্যান সরদার আবুল হোসেনের বাড়ি হয়ে রবিউলের পুকুর পর্যন্ত প্রায় ৭১৫ মিটার সড়কের একটি অংশে আগে থেকেই এক স্তরের ইট বসানো ছিল। বিভিন্ন প্রকল্পের আওতায়, কাবিখা, কাবিটা, এডিপি ও ইউনিয়ন উন্নয়ন সহায়তা তহবিলের মাধ্যমে ধাপে ধাপে এসব ইট বসানো হয়। সম্প্রতি দুর্যোগ ব্যবস্থাপনা ও ত্রাণ মন্ত্রণালয়ের আওতায় সড়কটি এইচবিবি (ইটের দুই স্তর) করার জন্য টেন্ডার সম্পন্ন হয়েছে এবং শিগগিরই কাজ শুরু হওয়ার কথা। অভিযোগ রয়েছে, নতুন কাজ শুরুর খবর পেয়ে চেয়ারম্যান আবু মোতালেব দ্রুত পুরোনো ইট তুলে বিক্রি করে দেন। হিসাব অনুযায়ী, প্রায় ৪০ থেকে ৪২ হাজার ইট বিক্রি করা হয়েছে, যার প্রতিটির দাম ধরা হয়েছে ৭ থেকে সাড়ে ৭ টাকা। এতে মোট প্রায় তিন লাখ টাকার লেনদেন হয়েছে। সরেজমিনে দেখা গেছে, সড়কের আশপাশের বাসিন্দারাই বেশিরভাগ ইট কিনেছেন। স্থানীয় বাসিন্দা আজগর আলীর পরিবার জানায়, তাঁরা রাজাপুর নামের এক ব্যক্তির কাছ থেকে সাড়ে সাত টাকা দরে ইট কিনেছেন। এ বিষয়ে জানতে চাইলে চেয়ারম্যান আবু মোতালেব তরফদার বলেন, রাস্তার ইট পুরাতন হয়ে যাওয়ায় সেগুলো বিক্রি করা হয়েছে। ইউএনও ফুলপী সরকার বলেন, সরেজমিনে তদন্ত করা হয়েছে। বিষয়টি আরও খতিয়ে দেখা হবে। আত্মসাতের প্রমাণ পাওয়া গেলে প্রয়োজনীয় ব্যবস্থা নেওয়া হবে।"
দেবহাটার নওয়াপাড়ার ইউপি চেয়ারম্যান আলমগীরের স্ত্রীর বিরুদ্ধে যৌতুক মামলা
■ নিজস্ব প্রতিবেদক
ঢাকায় রিকশা গ্যারেজ, যশোরে জমিসহ বাড়ি ও নগদ ৫০ লাখ টাকা যৌতুক দাবির অভিযোগে স্ত্রীসহ তিনজনের বিরুদ্ধে যশোরে আদালতে একটি মামলা হয়েছে। মঙ্গলবার সাতক্ষীরা দেবহাটার কামিনীবসু রামনাথপুর গ্রামের আব্দুল সাত্তার মোল্যার ছেলে ও নওয়াপাড়া ইউনিয়নের চেয়ারম্যান আলমগীর হোসেন বাদী হয়ে এ মামলা করেছেন। অতিরিক্ত চিফ জুডিসিয়াল ম্যাজিস্ট্রেট আস্তাদুল ইসলাম অভিযোগ তদন্ত করে যশোর সদরের এসি ল্যান্ডকে প্রতিবেদন জমা দেয়ার আদেশ দিয়েছেন। আসামিরা হলো, চেয়ারম্যান আলমগীর হোসেনের শ্বশুর যশোর শহরের বকচরের এল মার্কেট সংলগ্ন এলাকার নূর মোহাম্মদ গাজী ও তার শাশুড়ি তাসলিমা খাতুন এবং স্ত্রী জান্নাতুল ফেরদৌসী মৌসুমী। মামলার অভিযোগে জানা গেছে, ২০১৮ সালে চেয়ারম্যান আলমগীর হোসেন পারিবারিকভাবে মৌসুমীকে বিয়ে করেন। বিয়ের পর সংসারে দাম্পত্য কলহ দেখা দেয়ায় তাদের বিচ্ছেদ হয়। পরবর্তীতে মৌসুমী ও তার পরিবারের সদস্যরা নিজে থেকেই যোগাযোগ করে পুনরায় বিয়ের প্রস্তাব দেন। আলমগীর তাদের প্রস্তাবে রাজি হয়ে ওই বছরের ২৪ আগস্ট মৌসুমীকে আবারও বিয়ে করেন। ভালোই যাচ্ছিল তাদের সংসার জীবন। হঠাৎ একদিন আলমগীর বুঝতে পারেন শ্বশুর বাড়ি থেকে দেয়া ১০ লাখ টাকার চেকটি তার স্ত্রী মৌসুমী কৌশলে নিয়ে নিয়েছেন। এরপর শ্বশুর-শাশুড়ির কু-প্ররোচনায় মৌসুমী তার স্বামী আলমগীর হোসেনের কাছে যৌতুক হিসেবে ঢাকায় রিকশা গ্যারেজ, যশোরে বাড়ি ও নগদ ৫০ লাখ টাকা দাবি করে অশান্তি শুরু করেন। ১০ লাখ টাকার চেকটি যৌতুক হিসেবে নিয়ে মৌসুমী পিতার বাড়ি যশোর শহরের বকচরে চলে আসেন। গত ১৪ এপ্রিল আলমগীর ও তার স্বজনরা বকচরে এসে বিষয়টি মীমাংসার প্রস্তাব দিলে মৌসুমী যৌতুক ছাড়া সংসার করবেনা বলে জানিয়ে দেন। বিষয়টি মীমাংসায় ব্যর্থ হয়ে তিনি আদালতে এ মামলা করেছেন।
চৌগাছায় ২০০ লিটার ডিজেল জব্দ : জরিমানা
■ চৌগাছা সংবাদদাতা
যশোরের চৌগাছায় এজেন্টের কাছ থেকে অবৈধপন্থায় ২০০ লিটার ডিজেল জব্দ করা হয়েছে। মঙ্গলবার দুপুরে চৌগাছা থেকে একটি ভ্যানে শার্শা উপজেলার সাড়াতলা বাজারে নিয়ে যাচ্ছিলো। খবর পেয়ে চৌগাছা উপজেলা নির্বাহী কর্মকর্তা ফারজানা ইসলাম পৌর শহরের চানপুর মোড় থেকে সেই তেল জব্দ করেন। এ সময় ভ্রাম্যমাণ আদালত চৌগাছার বিশ্বাস ফিলিং স্টেশনের মালিক পক্ষকে ১০ হাজার টাকা জরিমানা করেন। আদালত সূত্রে জানা যায়, চৌগাছা থেকে শার্শা উপজেলার সাড়াতলা বাজারে একটি মুদি দোকানে অবৈধ পন্থায় ২০০ লিটার ডিজেল নিয়ে যাচ্ছিলো। স্থানীয়রা বুঝতে পেরে তেল আটকে দেয়। পরে ভ্রাম্যমাণ আদালতকে এজেন্টকে ১০ হাজার টাকা জরিমানা করেন। জব্দকৃত ২০০ লিটার তেল চৌগাছার বিশ্বাস ফিলিং স্টেশনে সরকার নির্ধারিত মূল্যে বিক্রি করে সরকারি কোষাগারে জমা দেয়ার সিদ্ধান্ত দেন আদালত। এ সময় চৌগাছা উপজেলা নির্বাহী কর্মকর্তা ফারজানা ইসলাম, উপজেলা কৃষি অফিসার মোশাব্বির হুসাইন ও ওসি মামুনুর রশিদ উপস্থিত ছিলেন। উপজেলার নির্বাহী কর্মকর্তা ফারজানা ইসলাম ঘটনার সত্যতা নিশ্চিত করে বলেন, ডিজেল মেসন পেট্রোলিয়াম ব্যবস্থাপনা আইন ২০১৬ এর ২০ (১) ধারায় শাস্তির বিধান অপরাধে এ জরিমানা করা হয়েছে। কৃষকদের স্বার্থ রক্ষা এবং স্বচ্ছ ডিজেল ব্যবস্থাপনা নিশ্চিত করতে ভ্রাম্যমাণ আদালতের অভিযান অব্যাহত থাকবে। জব্দকৃত ডিজেল চৌগাছার বিশ্বাস ফিলিং স্টেশনে সরকার নির্ধারিত মূল্যে বিক্রি করে সরকারি কোষাগারে জমা করা হবে।
